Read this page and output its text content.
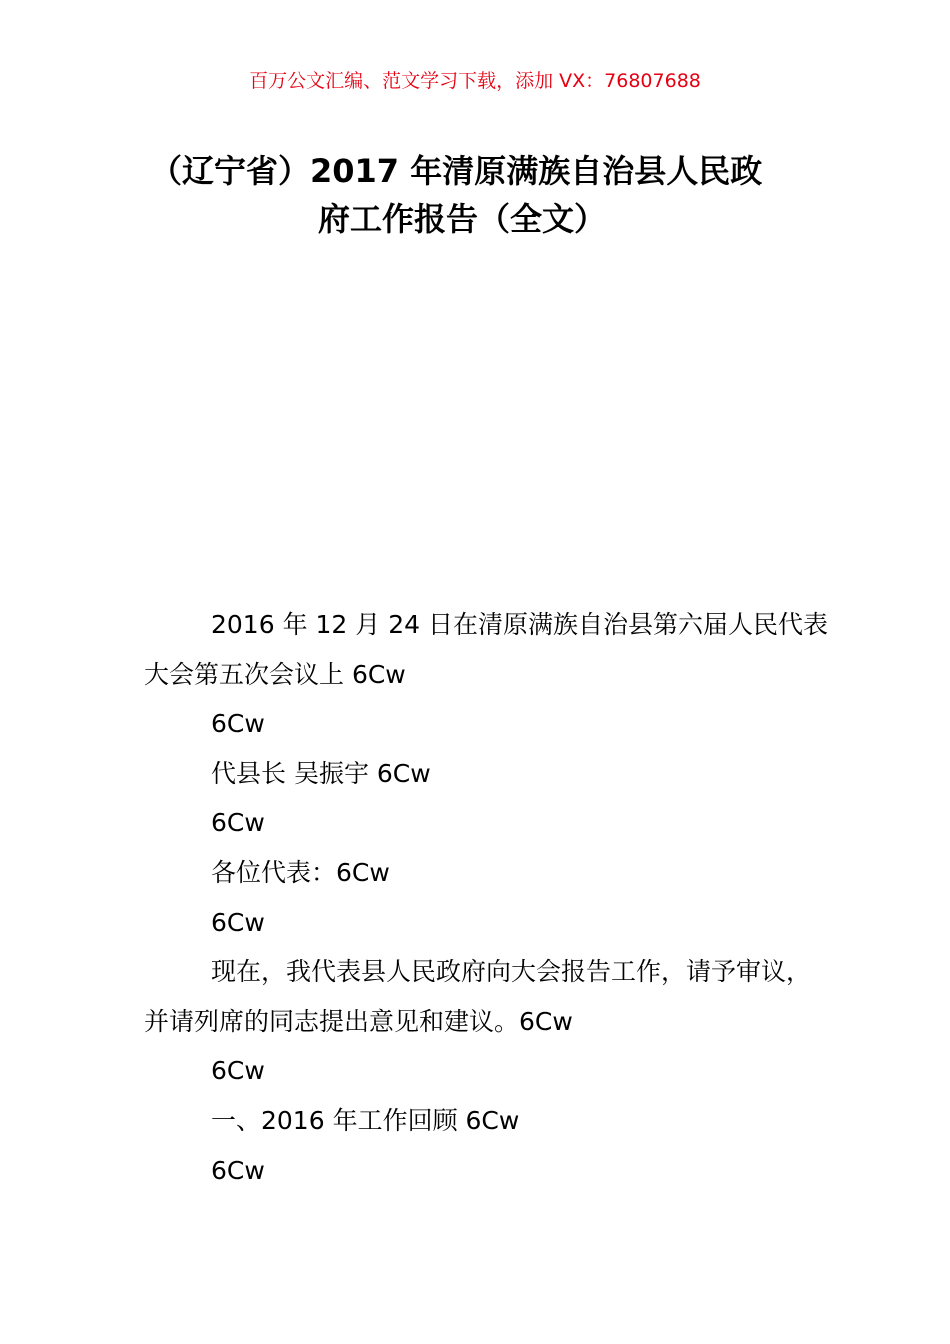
百万公文汇编、范文学习下载，添加 VX：76807688
（辽宁省）2017 年清原满族自治县人民政
府工作报告（全文）

2016 年 12 月 24 日在清原满族自治县第六届人民代表大会第五次会议上 6Cw

6Cw

代县长 吴振宇 6Cw

6Cw

各位代表：6Cw

6Cw

现在，我代表县人民政府向大会报告工作，请予审议，并请列席的同志提出意见和建议。6Cw

6Cw

一、2016 年工作回顾 6Cw

6Cw
